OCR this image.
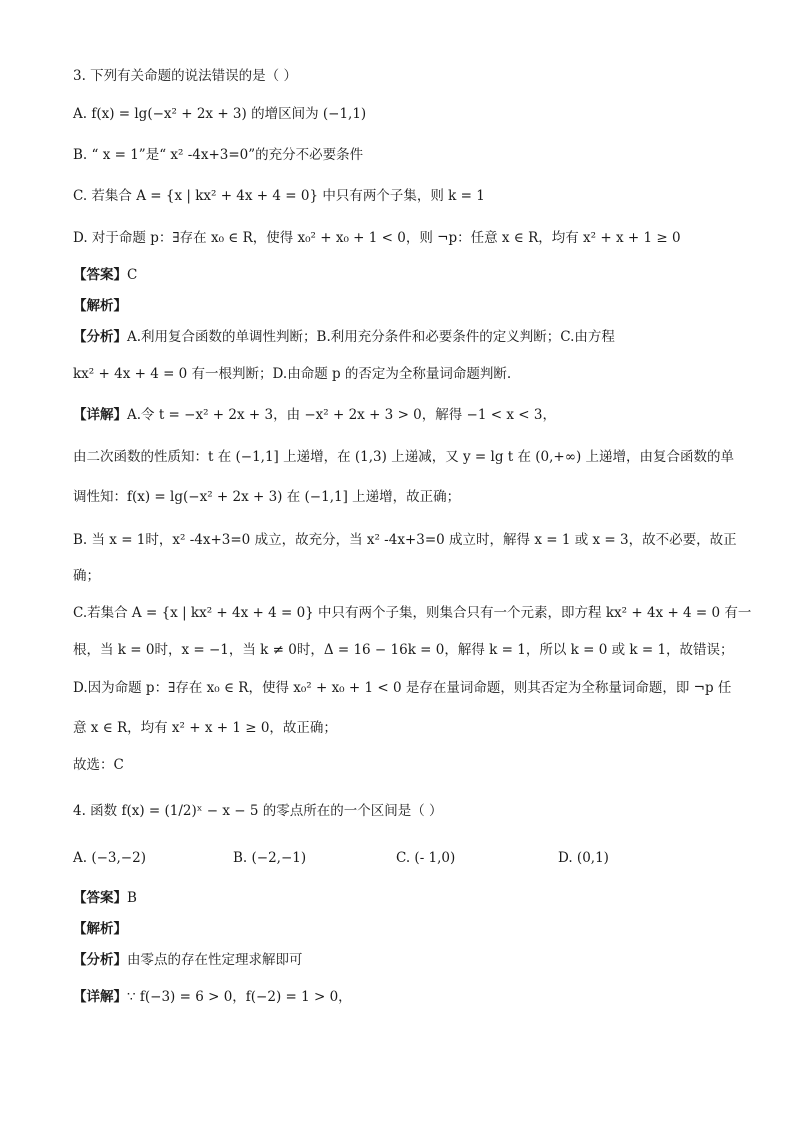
3. 下列有关命题的说法错误的是（ ）
A. f(x) = lg(−x² + 2x + 3) 的增区间为 (−1,1)
B. “ x = 1”是“ x² -4x+3=0”的充分不必要条件
C. 若集合 A = {x | kx² + 4x + 4 = 0} 中只有两个子集，则 k = 1
D. 对于命题 p：∃存在 x₀ ∈ R，使得 x₀² + x₀ + 1 < 0，则 ¬p：任意 x ∈ R，均有 x² + x + 1 ≥ 0
【答案】C
【解析】
【分析】A.利用复合函数的单调性判断；B.利用充分条件和必要条件的定义判断；C.由方程
kx² + 4x + 4 = 0 有一根判断；D.由命题 p 的否定为全称量词命题判断.
【详解】A.令 t = −x² + 2x + 3，由 −x² + 2x + 3 > 0，解得 −1 < x < 3，
由二次函数的性质知：t 在 (−1,1] 上递增，在 (1,3) 上递减，又 y = lg t 在 (0,+∞) 上递增，由复合函数的单
调性知：f(x) = lg(−x² + 2x + 3) 在 (−1,1] 上递增，故正确；
B. 当 x = 1时，x² -4x+3=0 成立，故充分，当 x² -4x+3=0 成立时，解得 x = 1 或 x = 3，故不必要，故正
确；
C.若集合 A = {x | kx² + 4x + 4 = 0} 中只有两个子集，则集合只有一个元素，即方程 kx² + 4x + 4 = 0 有一
根，当 k = 0时，x = −1，当 k ≠ 0时，Δ = 16 − 16k = 0，解得 k = 1，所以 k = 0 或 k = 1，故错误；
D.因为命题 p：∃存在 x₀ ∈ R，使得 x₀² + x₀ + 1 < 0 是存在量词命题，则其否定为全称量词命题，即 ¬p 任
意 x ∈ R，均有 x² + x + 1 ≥ 0，故正确；
故选：C
4. 函数 f(x) = (1/2)ˣ − x − 5 的零点所在的一个区间是（ ）
A. (−3,−2)	B. (−2,−1)	C. (- 1,0)	D. (0,1)
【答案】B
【解析】
【分析】由零点的存在性定理求解即可
【详解】∵ f(−3) = 6 > 0，f(−2) = 1 > 0，
